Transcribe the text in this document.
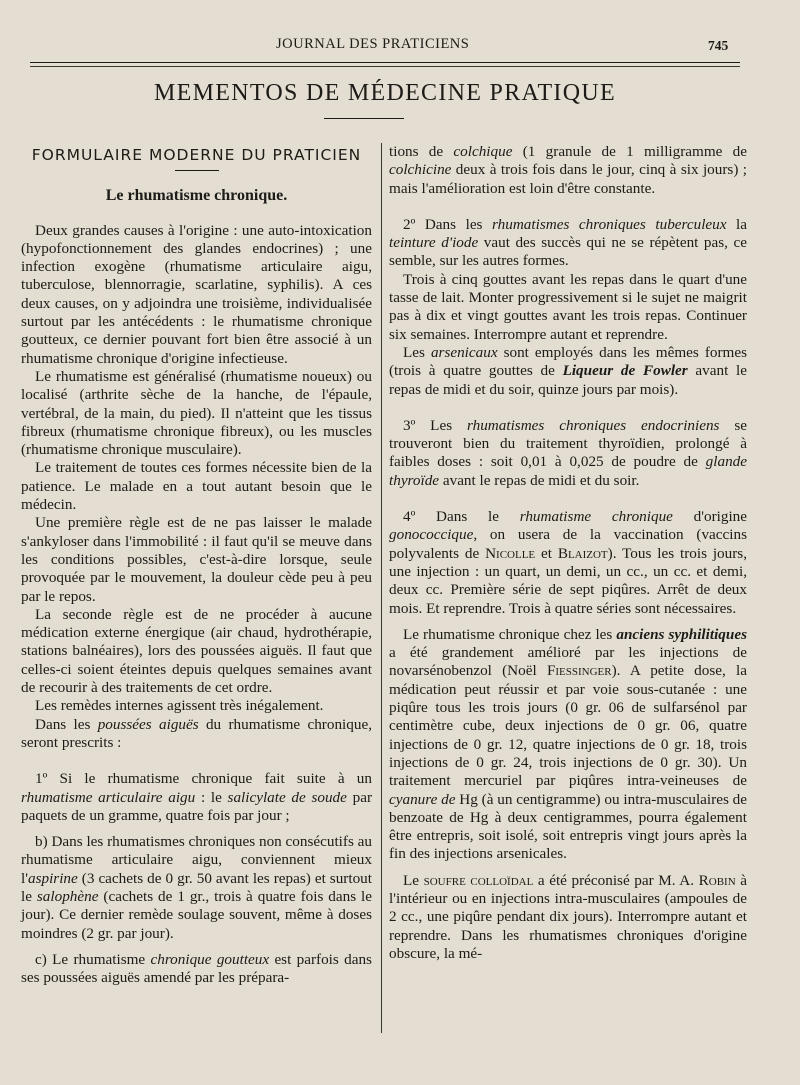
JOURNAL DES PRATICIENS	745
MEMENTOS DE MÉDECINE PRATIQUE
FORMULAIRE MODERNE DU PRATICIEN
Le rhumatisme chronique.

Deux grandes causes à l'origine : une auto-intoxication (hypofonctionnement des glandes endocrines) ; une infection exogène (rhumatisme articulaire aigu, tuberculose, blennorragie, scarlatine, syphilis). A ces deux causes, on y adjoindra une troisième, individualisée surtout par les antécédents : le rhumatisme chronique goutteux, ce dernier pouvant fort bien être associé à un rhumatisme chronique d'origine infectieuse.

Le rhumatisme est généralisé (rhumatisme noueux) ou localisé (arthrite sèche de la hanche, de l'épaule, vertébral, de la main, du pied). Il n'atteint que les tissus fibreux (rhumatisme chronique fibreux), ou les muscles (rhumatisme chronique musculaire).

Le traitement de toutes ces formes nécessite bien de la patience. Le malade en a tout autant besoin que le médecin.

Une première règle est de ne pas laisser le malade s'ankyloser dans l'immobilité : il faut qu'il se meuve dans les conditions possibles, c'est-à-dire lorsque, seule provoquée par le mouvement, la douleur cède peu à peu par le repos.

La seconde règle est de ne procéder à aucune médication externe énergique (air chaud, hydrothérapie, stations balnéaires), lors des poussées aiguës. Il faut que celles-ci soient éteintes depuis quelques semaines avant de recourir à des traitements de cet ordre.

Les remèdes internes agissent très inégalement.

Dans les poussées aiguës du rhumatisme chronique, seront prescrits :

1º Si le rhumatisme chronique fait suite à un rhumatisme articulaire aigu : le salicylate de soude par paquets de un gramme, quatre fois par jour ;

b) Dans les rhumatismes chroniques non consécutifs au rhumatisme articulaire aigu, conviennent mieux l'aspirine (3 cachets de 0 gr. 50 avant les repas) et surtout le salophène (cachets de 1 gr., trois à quatre fois dans le jour). Ce dernier remède soulage souvent, même à doses moindres (2 gr. par jour).

c) Le rhumatisme chronique goutteux est parfois dans ses poussées aiguës amendé par les prépara-

tions de colchique (1 granule de 1 milligramme de colchicine deux à trois fois dans le jour, cinq à six jours) ; mais l'amélioration est loin d'être constante.

2º Dans les rhumatismes chroniques tuberculeux la teinture d'iode vaut des succès qui ne se répètent pas, ce semble, sur les autres formes.

Trois à cinq gouttes avant les repas dans le quart d'une tasse de lait. Monter progressivement si le sujet ne maigrit pas à dix et vingt gouttes avant les trois repas. Continuer six semaines. Interrompre autant et reprendre.

Les arsenicaux sont employés dans les mêmes formes (trois à quatre gouttes de Liqueur de Fowler avant le repas de midi et du soir, quinze jours par mois).

3º Les rhumatismes chroniques endocriniens se trouveront bien du traitement thyroïdien, prolongé à faibles doses : soit 0,01 à 0,025 de poudre de glande thyroïde avant le repas de midi et du soir.

4º Dans le rhumatisme chronique d'origine gonococcique, on usera de la vaccination (vaccins polyvalents de Nicolle et Blaizot). Tous les trois jours, une injection : un quart, un demi, un cc., un cc. et demi, deux cc. Première série de sept piqûres. Arrêt de deux mois. Et reprendre. Trois à quatre séries sont nécessaires.

Le rhumatisme chronique chez les anciens syphilitiques a été grandement amélioré par les injections de novarsénobenzol (Noël Fiessinger). A petite dose, la médication peut réussir et par voie sous-cutanée : une piqûre tous les trois jours (0 gr. 06 de sulfarsénol par centimètre cube, deux injections de 0 gr. 06, quatre injections de 0 gr. 12, quatre injections de 0 gr. 18, trois injections de 0 gr. 24, trois injections de 0 gr. 30). Un traitement mercuriel par piqûres intra-veineuses de cyanure de Hg (à un centigramme) ou intra-musculaires de benzoate de Hg à deux centigrammes, pourra également être entrepris, soit isolé, soit entrepris vingt jours après la fin des injections arsenicales.

Le soufre colloïdal a été préconisé par M. A. Robin à l'intérieur ou en injections intra-musculaires (ampoules de 2 cc., une piqûre pendant dix jours). Interrompre autant et reprendre. Dans les rhumatismes chroniques d'origine obscure, la mé-
